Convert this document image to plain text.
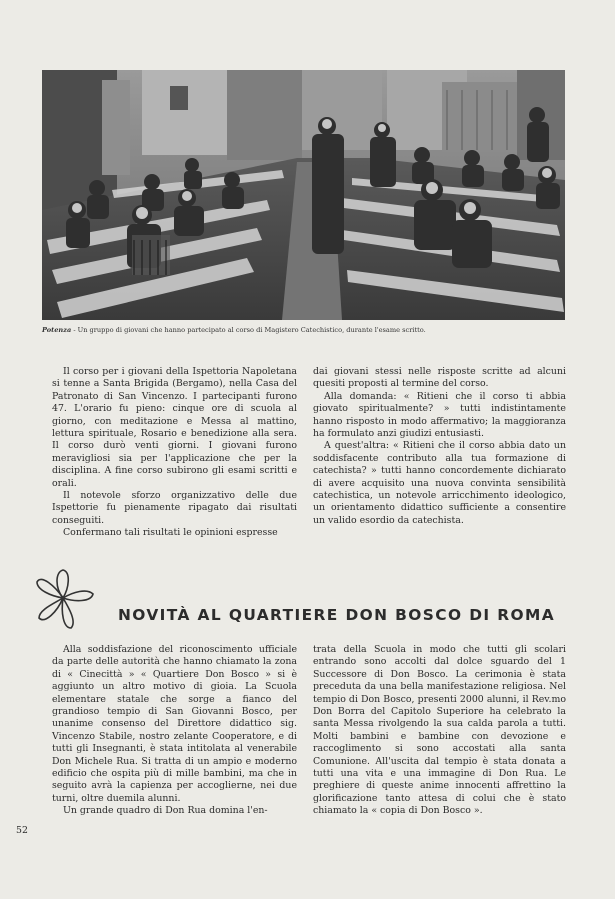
Potenza - Un gruppo di giovani che hanno partecipato al corso di Magistero Catechistico, durante l'esame scritto.

Il corso per i giovani della Ispettoria Napoletana si tenne a Santa Brigida (Bergamo), nella Casa del Patronato di San Vincenzo. I partecipanti furono 47. L'orario fu pieno: cinque ore di scuola al giorno, con meditazione e Messa al mattino, lettura spirituale, Rosario e benedizione alla sera. Il corso durò venti giorni. I giovani furono meravigliosi sia per l'applicazione che per la disciplina. A fine corso subirono gli esami scritti e orali.

Il notevole sforzo organizzativo delle due Ispettorie fu pienamente ripagato dai risultati conseguiti.

Confermano tali risultati le opinioni espresse

dai giovani stessi nelle risposte scritte ad alcuni quesiti proposti al termine del corso.

Alla domanda: « Ritieni che il corso ti abbia giovato spiritualmente? » tutti indistintamente hanno risposto in modo affermativo; la maggioranza ha formulato anzi giudizi entusiasti.

A quest'altra: « Ritieni che il corso abbia dato un soddisfacente contributo alla tua formazione di catechista? » tutti hanno concordemente dichiarato di avere acquisito una nuova convinta sensibilità catechistica, un notevole arricchimento ideologico, un orientamento didattico sufficiente a consentire un valido esordio da catechista.

NOVITÀ AL QUARTIERE DON BOSCO DI ROMA

Alla soddisfazione del riconoscimento ufficiale da parte delle autorità che hanno chiamato la zona di « Cinecittà » « Quartiere Don Bosco » si è aggiunto un altro motivo di gioia. La Scuola elementare statale che sorge a fianco del grandioso tempio di San Giovanni Bosco, per unanime consenso del Direttore didattico sig. Vincenzo Stabile, nostro zelante Cooperatore, e di tutti gli Insegnanti, è stata intitolata al venerabile Don Michele Rua. Si tratta di un ampio e moderno edificio che ospita più di mille bambini, ma che in seguito avrà la capienza per accoglierne, nei due turni, oltre duemila alunni.

Un grande quadro di Don Rua domina l'en-

trata della Scuola in modo che tutti gli scolari entrando sono accolti dal dolce sguardo del 1 Successore di Don Bosco. La cerimonia è stata preceduta da una bella manifestazione religiosa. Nel tempio di Don Bosco, presenti 2000 alunni, il Rev.mo Don Borra del Capitolo Superiore ha celebrato la santa Messa rivolgendo la sua calda parola a tutti. Molti bambini e bambine con devozione e raccoglimento si sono accostati alla santa Comunione. All'uscita dal tempio è stata donata a tutti una vita e una immagine di Don Rua. Le preghiere di queste anime innocenti affrettino la glorificazione tanto attesa di colui che è stato chiamato la « copia di Don Bosco ».

52
